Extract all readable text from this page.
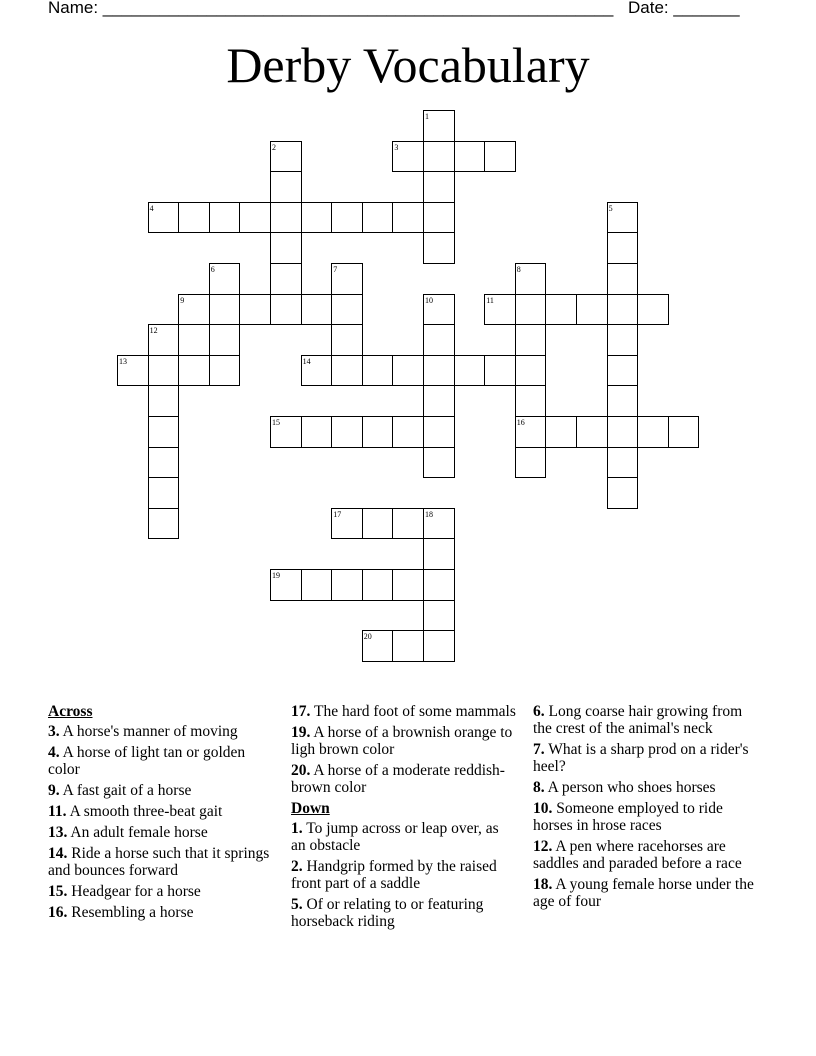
Name: ______________________________________________________ Date: _______
Derby Vocabulary
1
2	3
4	5
6	7	8
9	10	11
12
13	14
15	16
17	18
19
20
Across
3. A horse's manner of moving
4. A horse of light tan or golden color
9. A fast gait of a horse
11. A smooth three-beat gait
13. An adult female horse
14. Ride a horse such that it springs and bounces forward
15. Headgear for a horse
16. Resembling a horse
17. The hard foot of some mammals
19. A horse of a brownish orange to ligh brown color
20. A horse of a moderate reddish-brown color
Down
1. To jump across or leap over, as an obstacle
2. Handgrip formed by the raised front part of a saddle
5. Of or relating to or featuring horseback riding
6. Long coarse hair growing from the crest of the animal's neck
7. What is a sharp prod on a rider's heel?
8. A person who shoes horses
10. Someone employed to ride horses in hrose races
12. A pen where racehorses are saddles and paraded before a race
18. A young female horse under the age of four
